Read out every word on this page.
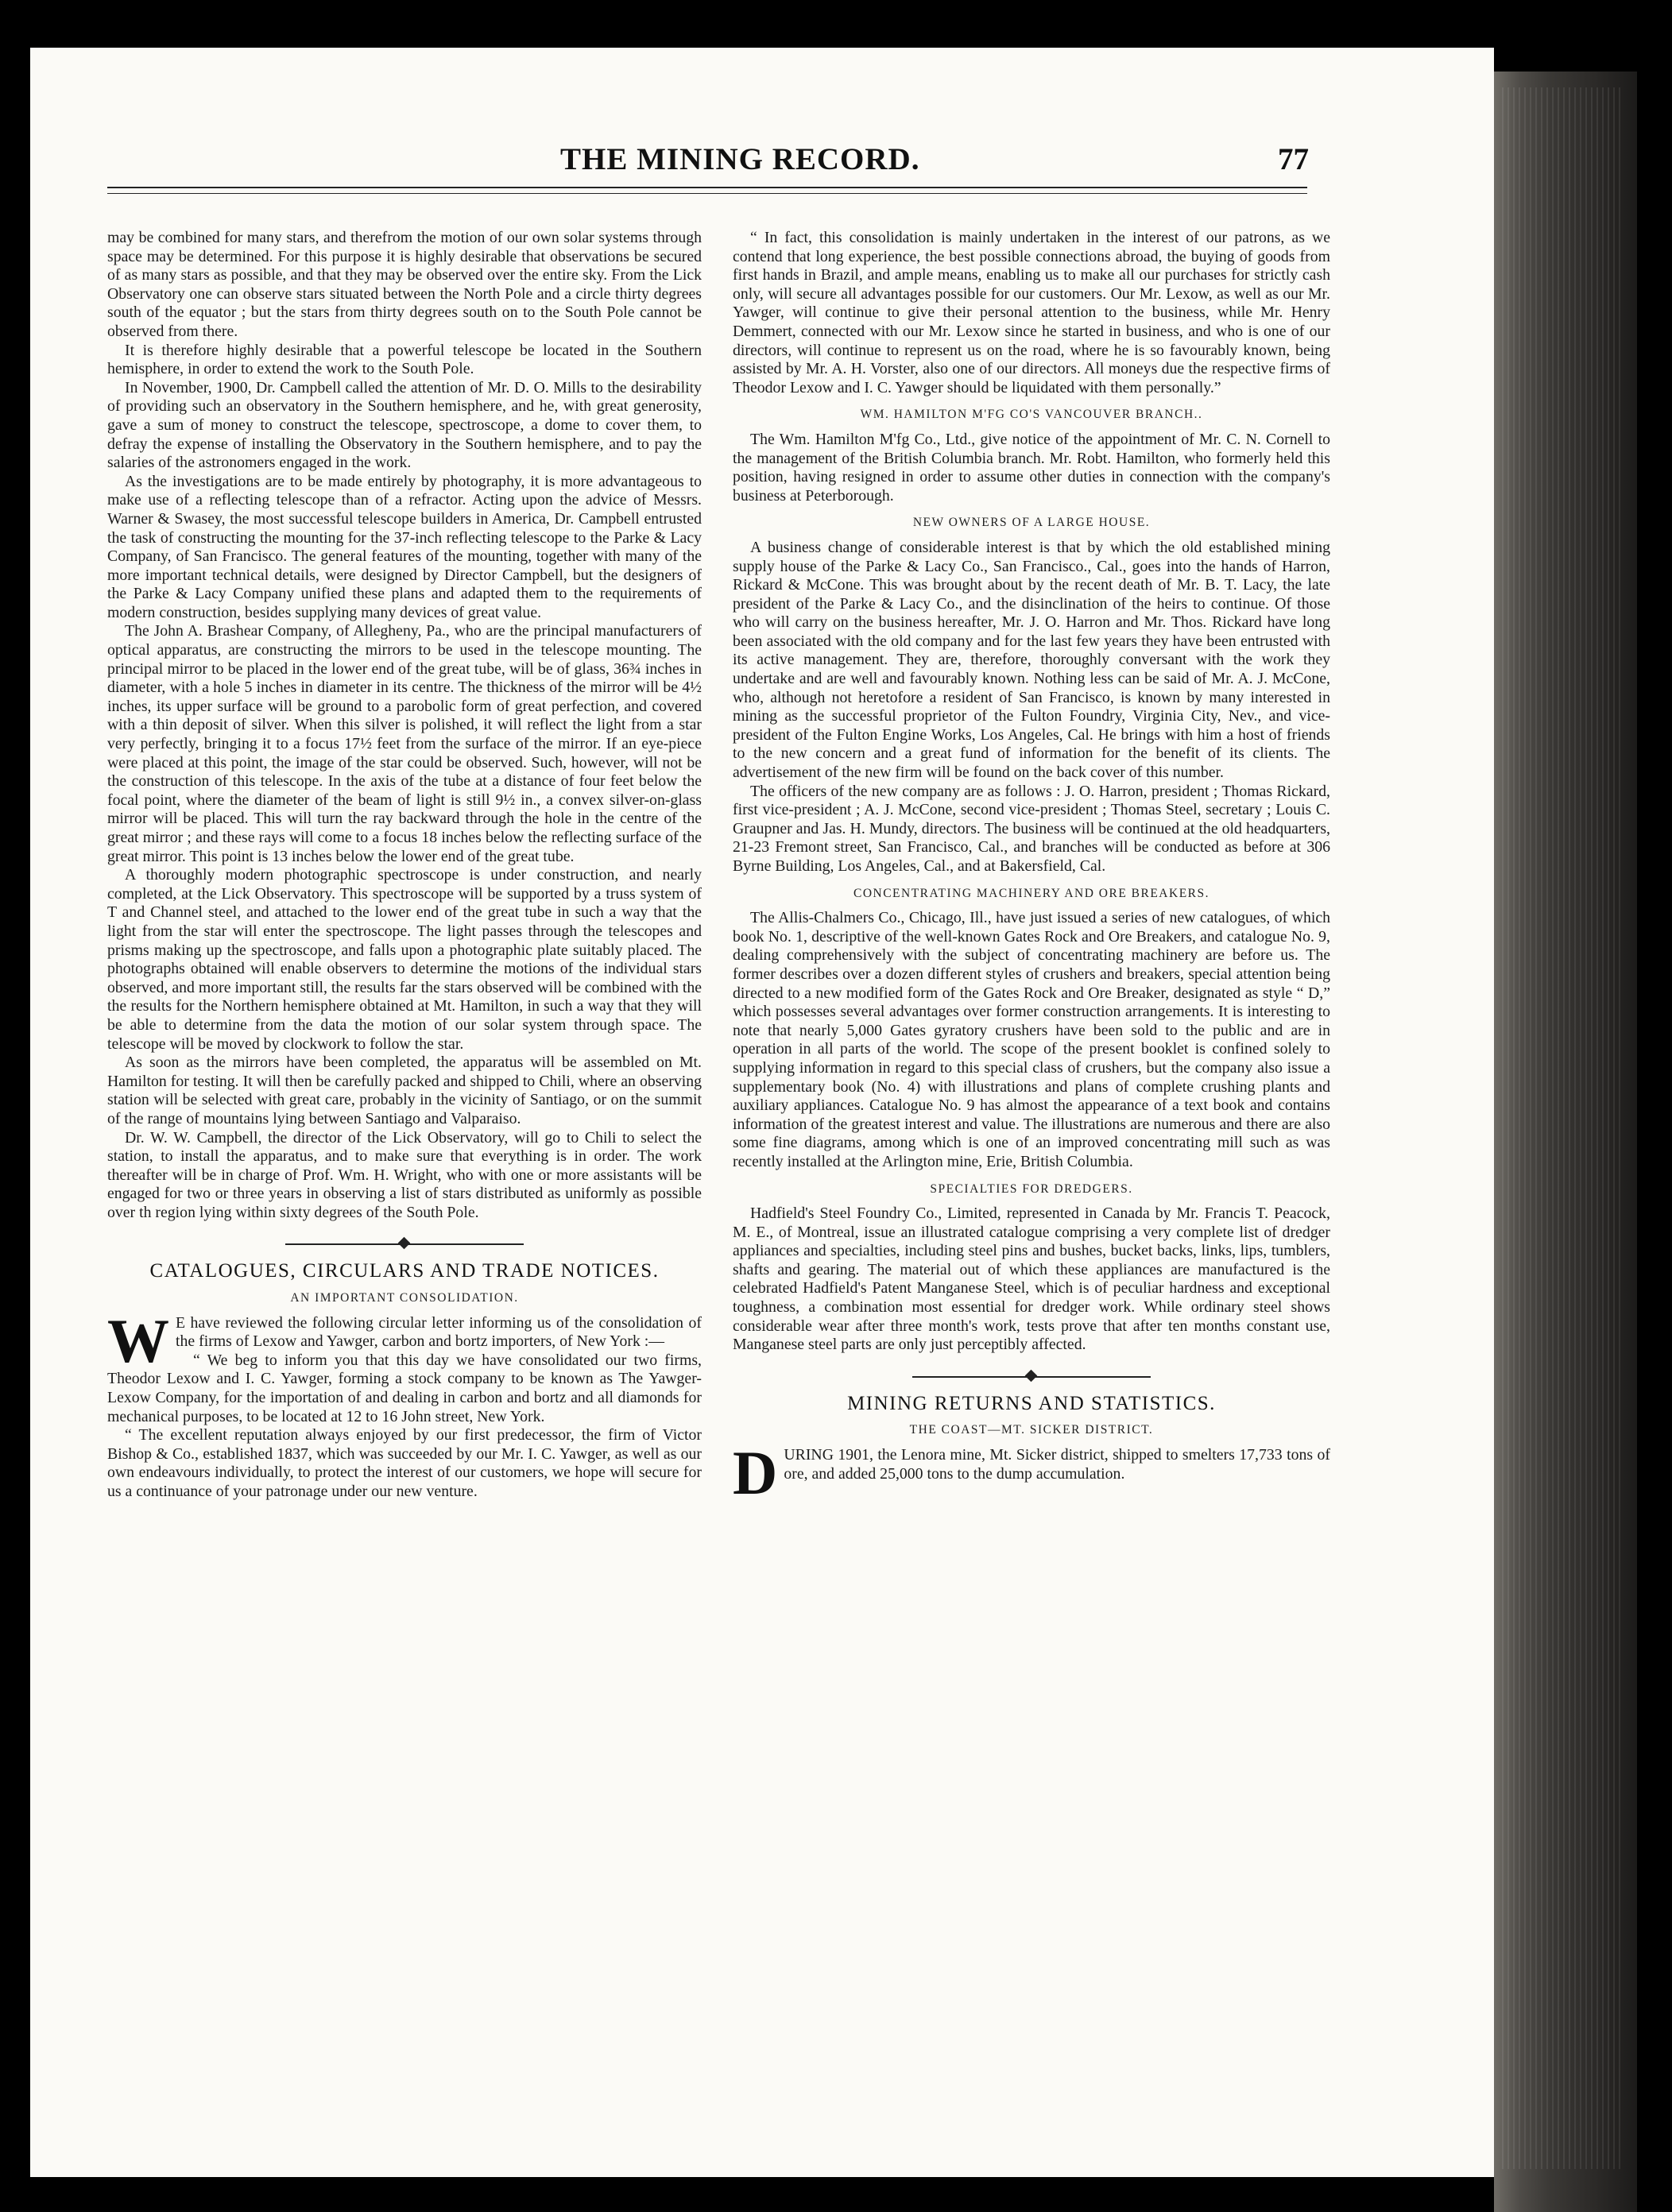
THE MINING RECORD.	77

may be combined for many stars, and therefrom the motion of our own solar systems through space may be determined. For this purpose it is highly desirable that observations be secured of as many stars as possible, and that they may be observed over the entire sky. From the Lick Observatory one can observe stars situated between the North Pole and a circle thirty degrees south of the equator ; but the stars from thirty degrees south on to the South Pole cannot be observed from there.

It is therefore highly desirable that a powerful telescope be located in the Southern hemisphere, in order to extend the work to the South Pole.

In November, 1900, Dr. Campbell called the attention of Mr. D. O. Mills to the desirability of providing such an observatory in the Southern hemisphere, and he, with great generosity, gave a sum of money to construct the telescope, spectroscope, a dome to cover them, to defray the expense of installing the Observatory in the Southern hemisphere, and to pay the salaries of the astronomers engaged in the work.

As the investigations are to be made entirely by photography, it is more advantageous to make use of a reflecting telescope than of a refractor. Acting upon the advice of Messrs. Warner & Swasey, the most successful telescope builders in America, Dr. Campbell entrusted the task of constructing the mounting for the 37-inch reflecting telescope to the Parke & Lacy Company, of San Francisco. The general features of the mounting, together with many of the more important technical details, were designed by Director Campbell, but the designers of the Parke & Lacy Company unified these plans and adapted them to the requirements of modern construction, besides supplying many devices of great value.

The John A. Brashear Company, of Allegheny, Pa., who are the principal manufacturers of optical apparatus, are constructing the mirrors to be used in the telescope mounting. The principal mirror to be placed in the lower end of the great tube, will be of glass, 36¾ inches in diameter, with a hole 5 inches in diameter in its centre. The thickness of the mirror will be 4½ inches, its upper surface will be ground to a parobolic form of great perfection, and covered with a thin deposit of silver. When this silver is polished, it will reflect the light from a star very perfectly, bringing it to a focus 17½ feet from the surface of the mirror. If an eye-piece were placed at this point, the image of the star could be observed. Such, however, will not be the construction of this telescope. In the axis of the tube at a distance of four feet below the focal point, where the diameter of the beam of light is still 9½ in., a convex silver-on-glass mirror will be placed. This will turn the ray backward through the hole in the centre of the great mirror ; and these rays will come to a focus 18 inches below the reflecting surface of the great mirror. This point is 13 inches below the lower end of the great tube.

A thoroughly modern photographic spectroscope is under construction, and nearly completed, at the Lick Observatory. This spectroscope will be supported by a truss system of T and Channel steel, and attached to the lower end of the great tube in such a way that the light from the star will enter the spectroscope. The light passes through the telescopes and prisms making up the spectroscope, and falls upon a photographic plate suitably placed. The photographs obtained will enable observers to determine the motions of the individual stars observed, and more important still, the results far the stars observed will be combined with the the results for the Northern hemisphere obtained at Mt. Hamilton, in such a way that they will be able to determine from the data the motion of our solar system through space. The telescope will be moved by clockwork to follow the star.

As soon as the mirrors have been completed, the apparatus will be assembled on Mt. Hamilton for testing. It will then be carefully packed and shipped to Chili, where an observing station will be selected with great care, probably in the vicinity of Santiago, or on the summit of the range of mountains lying between Santiago and Valparaiso.

Dr. W. W. Campbell, the director of the Lick Observatory, will go to Chili to select the station, to install the apparatus, and to make sure that everything is in order. The work thereafter will be in charge of Prof. Wm. H. Wright, who with one or more assistants will be engaged for two or three years in observing a list of stars distributed as uniformly as possible over th region lying within sixty degrees of the South Pole.

CATALOGUES, CIRCULARS AND TRADE NOTICES.
AN IMPORTANT CONSOLIDATION.

W E have reviewed the following circular letter informing us of the consolidation of the firms of Lexow and Yawger, carbon and bortz importers, of New York :—

“ We beg to inform you that this day we have consolidated our two firms, Theodor Lexow and I. C. Yawger, forming a stock company to be known as The Yawger-Lexow Company, for the importation of and dealing in carbon and bortz and all diamonds for mechanical purposes, to be located at 12 to 16 John street, New York.

“ The excellent reputation always enjoyed by our first predecessor, the firm of Victor Bishop & Co., established 1837, which was succeeded by our Mr. I. C. Yawger, as well as our own endeavours individually, to protect the interest of our customers, we hope will secure for us a continuance of your patronage under our new venture.

“ In fact, this consolidation is mainly undertaken in the interest of our patrons, as we contend that long experience, the best possible connections abroad, the buying of goods from first hands in Brazil, and ample means, enabling us to make all our purchases for strictly cash only, will secure all advantages possible for our customers. Our Mr. Lexow, as well as our Mr. Yawger, will continue to give their personal attention to the business, while Mr. Henry Demmert, connected with our Mr. Lexow since he started in business, and who is one of our directors, will continue to represent us on the road, where he is so favourably known, being assisted by Mr. A. H. Vorster, also one of our directors. All moneys due the respective firms of Theodor Lexow and I. C. Yawger should be liquidated with them personally.”

WM. HAMILTON M'FG CO'S VANCOUVER BRANCH..

The Wm. Hamilton M'fg Co., Ltd., give notice of the appointment of Mr. C. N. Cornell to the management of the British Columbia branch. Mr. Robt. Hamilton, who formerly held this position, having resigned in order to assume other duties in connection with the company's business at Peterborough.

NEW OWNERS OF A LARGE HOUSE.

A business change of considerable interest is that by which the old established mining supply house of the Parke & Lacy Co., San Francisco., Cal., goes into the hands of Harron, Rickard & McCone. This was brought about by the recent death of Mr. B. T. Lacy, the late president of the Parke & Lacy Co., and the disinclination of the heirs to continue. Of those who will carry on the business hereafter, Mr. J. O. Harron and Mr. Thos. Rickard have long been associated with the old company and for the last few years they have been entrusted with its active management. They are, therefore, thoroughly conversant with the work they undertake and are well and favourably known. Nothing less can be said of Mr. A. J. McCone, who, although not heretofore a resident of San Francisco, is known by many interested in mining as the successful proprietor of the Fulton Foundry, Virginia City, Nev., and vice-president of the Fulton Engine Works, Los Angeles, Cal. He brings with him a host of friends to the new concern and a great fund of information for the benefit of its clients. The advertisement of the new firm will be found on the back cover of this number.

The officers of the new company are as follows : J. O. Harron, president ; Thomas Rickard, first vice-president ; A. J. McCone, second vice-president ; Thomas Steel, secretary ; Louis C. Graupner and Jas. H. Mundy, directors. The business will be continued at the old headquarters, 21-23 Fremont street, San Francisco, Cal., and branches will be conducted as before at 306 Byrne Building, Los Angeles, Cal., and at Bakersfield, Cal.

CONCENTRATING MACHINERY AND ORE BREAKERS.

The Allis-Chalmers Co., Chicago, Ill., have just issued a series of new catalogues, of which book No. 1, descriptive of the well-known Gates Rock and Ore Breakers, and catalogue No. 9, dealing comprehensively with the subject of concentrating machinery are before us. The former describes over a dozen different styles of crushers and breakers, special attention being directed to a new modified form of the Gates Rock and Ore Breaker, designated as style “ D,” which possesses several advantages over former construction arrangements. It is interesting to note that nearly 5,000 Gates gyratory crushers have been sold to the public and are in operation in all parts of the world. The scope of the present booklet is confined solely to supplying information in regard to this special class of crushers, but the company also issue a supplementary book (No. 4) with illustrations and plans of complete crushing plants and auxiliary appliances. Catalogue No. 9 has almost the appearance of a text book and contains information of the greatest interest and value. The illustrations are numerous and there are also some fine diagrams, among which is one of an improved concentrating mill such as was recently installed at the Arlington mine, Erie, British Columbia.

SPECIALTIES FOR DREDGERS.

Hadfield's Steel Foundry Co., Limited, represented in Canada by Mr. Francis T. Peacock, M. E., of Montreal, issue an illustrated catalogue comprising a very complete list of dredger appliances and specialties, including steel pins and bushes, bucket backs, links, lips, tumblers, shafts and gearing. The material out of which these appliances are manufactured is the celebrated Hadfield's Patent Manganese Steel, which is of peculiar hardness and exceptional toughness, a combination most essential for dredger work. While ordinary steel shows considerable wear after three month's work, tests prove that after ten months constant use, Manganese steel parts are only just perceptibly affected.

MINING RETURNS AND STATISTICS.
THE COAST—MT. SICKER DISTRICT.

DURING 1901, the Lenora mine, Mt. Sicker district, shipped to smelters 17,733 tons of ore, and added 25,000 tons to the dump accumulation.
